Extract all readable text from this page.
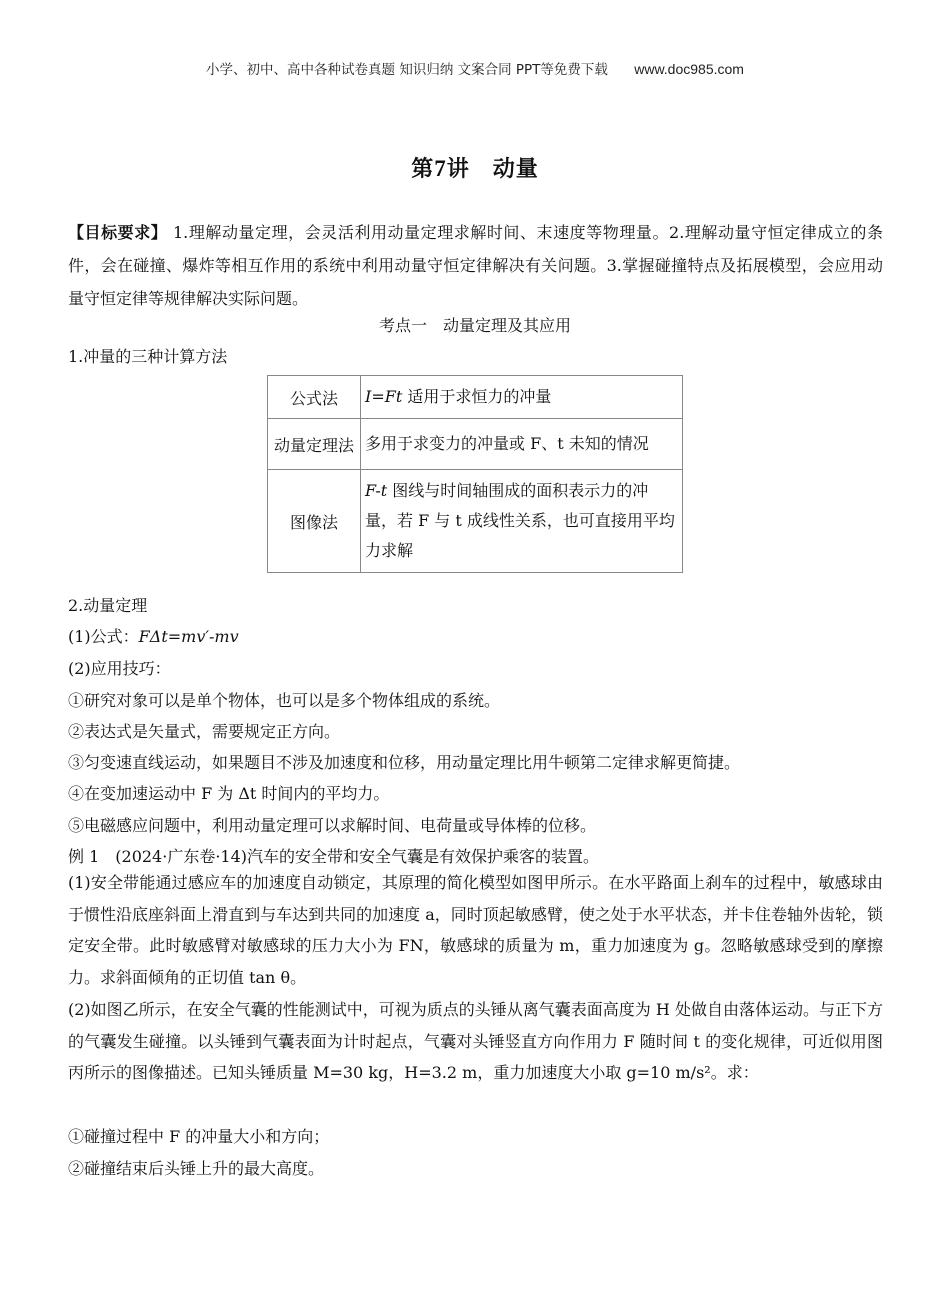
小学、初中、高中各种试卷真题 知识归纳 文案合同 PPT等免费下载 www.doc985.com
第7讲　动量
【目标要求】 1.理解动量定理，会灵活利用动量定理求解时间、末速度等物理量。2.理解动量守恒定律成立的条件，会在碰撞、爆炸等相互作用的系统中利用动量守恒定律解决有关问题。3.掌握碰撞特点及拓展模型，会应用动量守恒定律等规律解决实际问题。
考点一　动量定理及其应用
1.冲量的三种计算方法
公式法	I=Ft 适用于求恒力的冲量
动量定理法	多用于求变力的冲量或 F、t 未知的情况
图像法	F-t 图线与时间轴围成的面积表示力的冲量，若 F 与 t 成线性关系，也可直接用平均力求解
2.动量定理
(1)公式：FΔt=mv′-mv
(2)应用技巧：
①研究对象可以是单个物体，也可以是多个物体组成的系统。
②表达式是矢量式，需要规定正方向。
③匀变速直线运动，如果题目不涉及加速度和位移，用动量定理比用牛顿第二定律求解更简捷。
④在变加速运动中 F 为 Δt 时间内的平均力。
⑤电磁感应问题中，利用动量定理可以求解时间、电荷量或导体棒的位移。
例 1　(2024·广东卷·14)汽车的安全带和安全气囊是有效保护乘客的装置。
(1)安全带能通过感应车的加速度自动锁定，其原理的简化模型如图甲所示。在水平路面上刹车的过程中，敏感球由于惯性沿底座斜面上滑直到与车达到共同的加速度 a，同时顶起敏感臂，使之处于水平状态，并卡住卷轴外齿轮，锁定安全带。此时敏感臂对敏感球的压力大小为 FN，敏感球的质量为 m，重力加速度为 g。忽略敏感球受到的摩擦力。求斜面倾角的正切值 tan θ。
(2)如图乙所示，在安全气囊的性能测试中，可视为质点的头锤从离气囊表面高度为 H 处做自由落体运动。与正下方的气囊发生碰撞。以头锤到气囊表面为计时起点，气囊对头锤竖直方向作用力 F 随时间 t 的变化规律，可近似用图丙所示的图像描述。已知头锤质量 M=30 kg，H=3.2 m，重力加速度大小取 g=10 m/s²。求：
①碰撞过程中 F 的冲量大小和方向；
②碰撞结束后头锤上升的最大高度。
